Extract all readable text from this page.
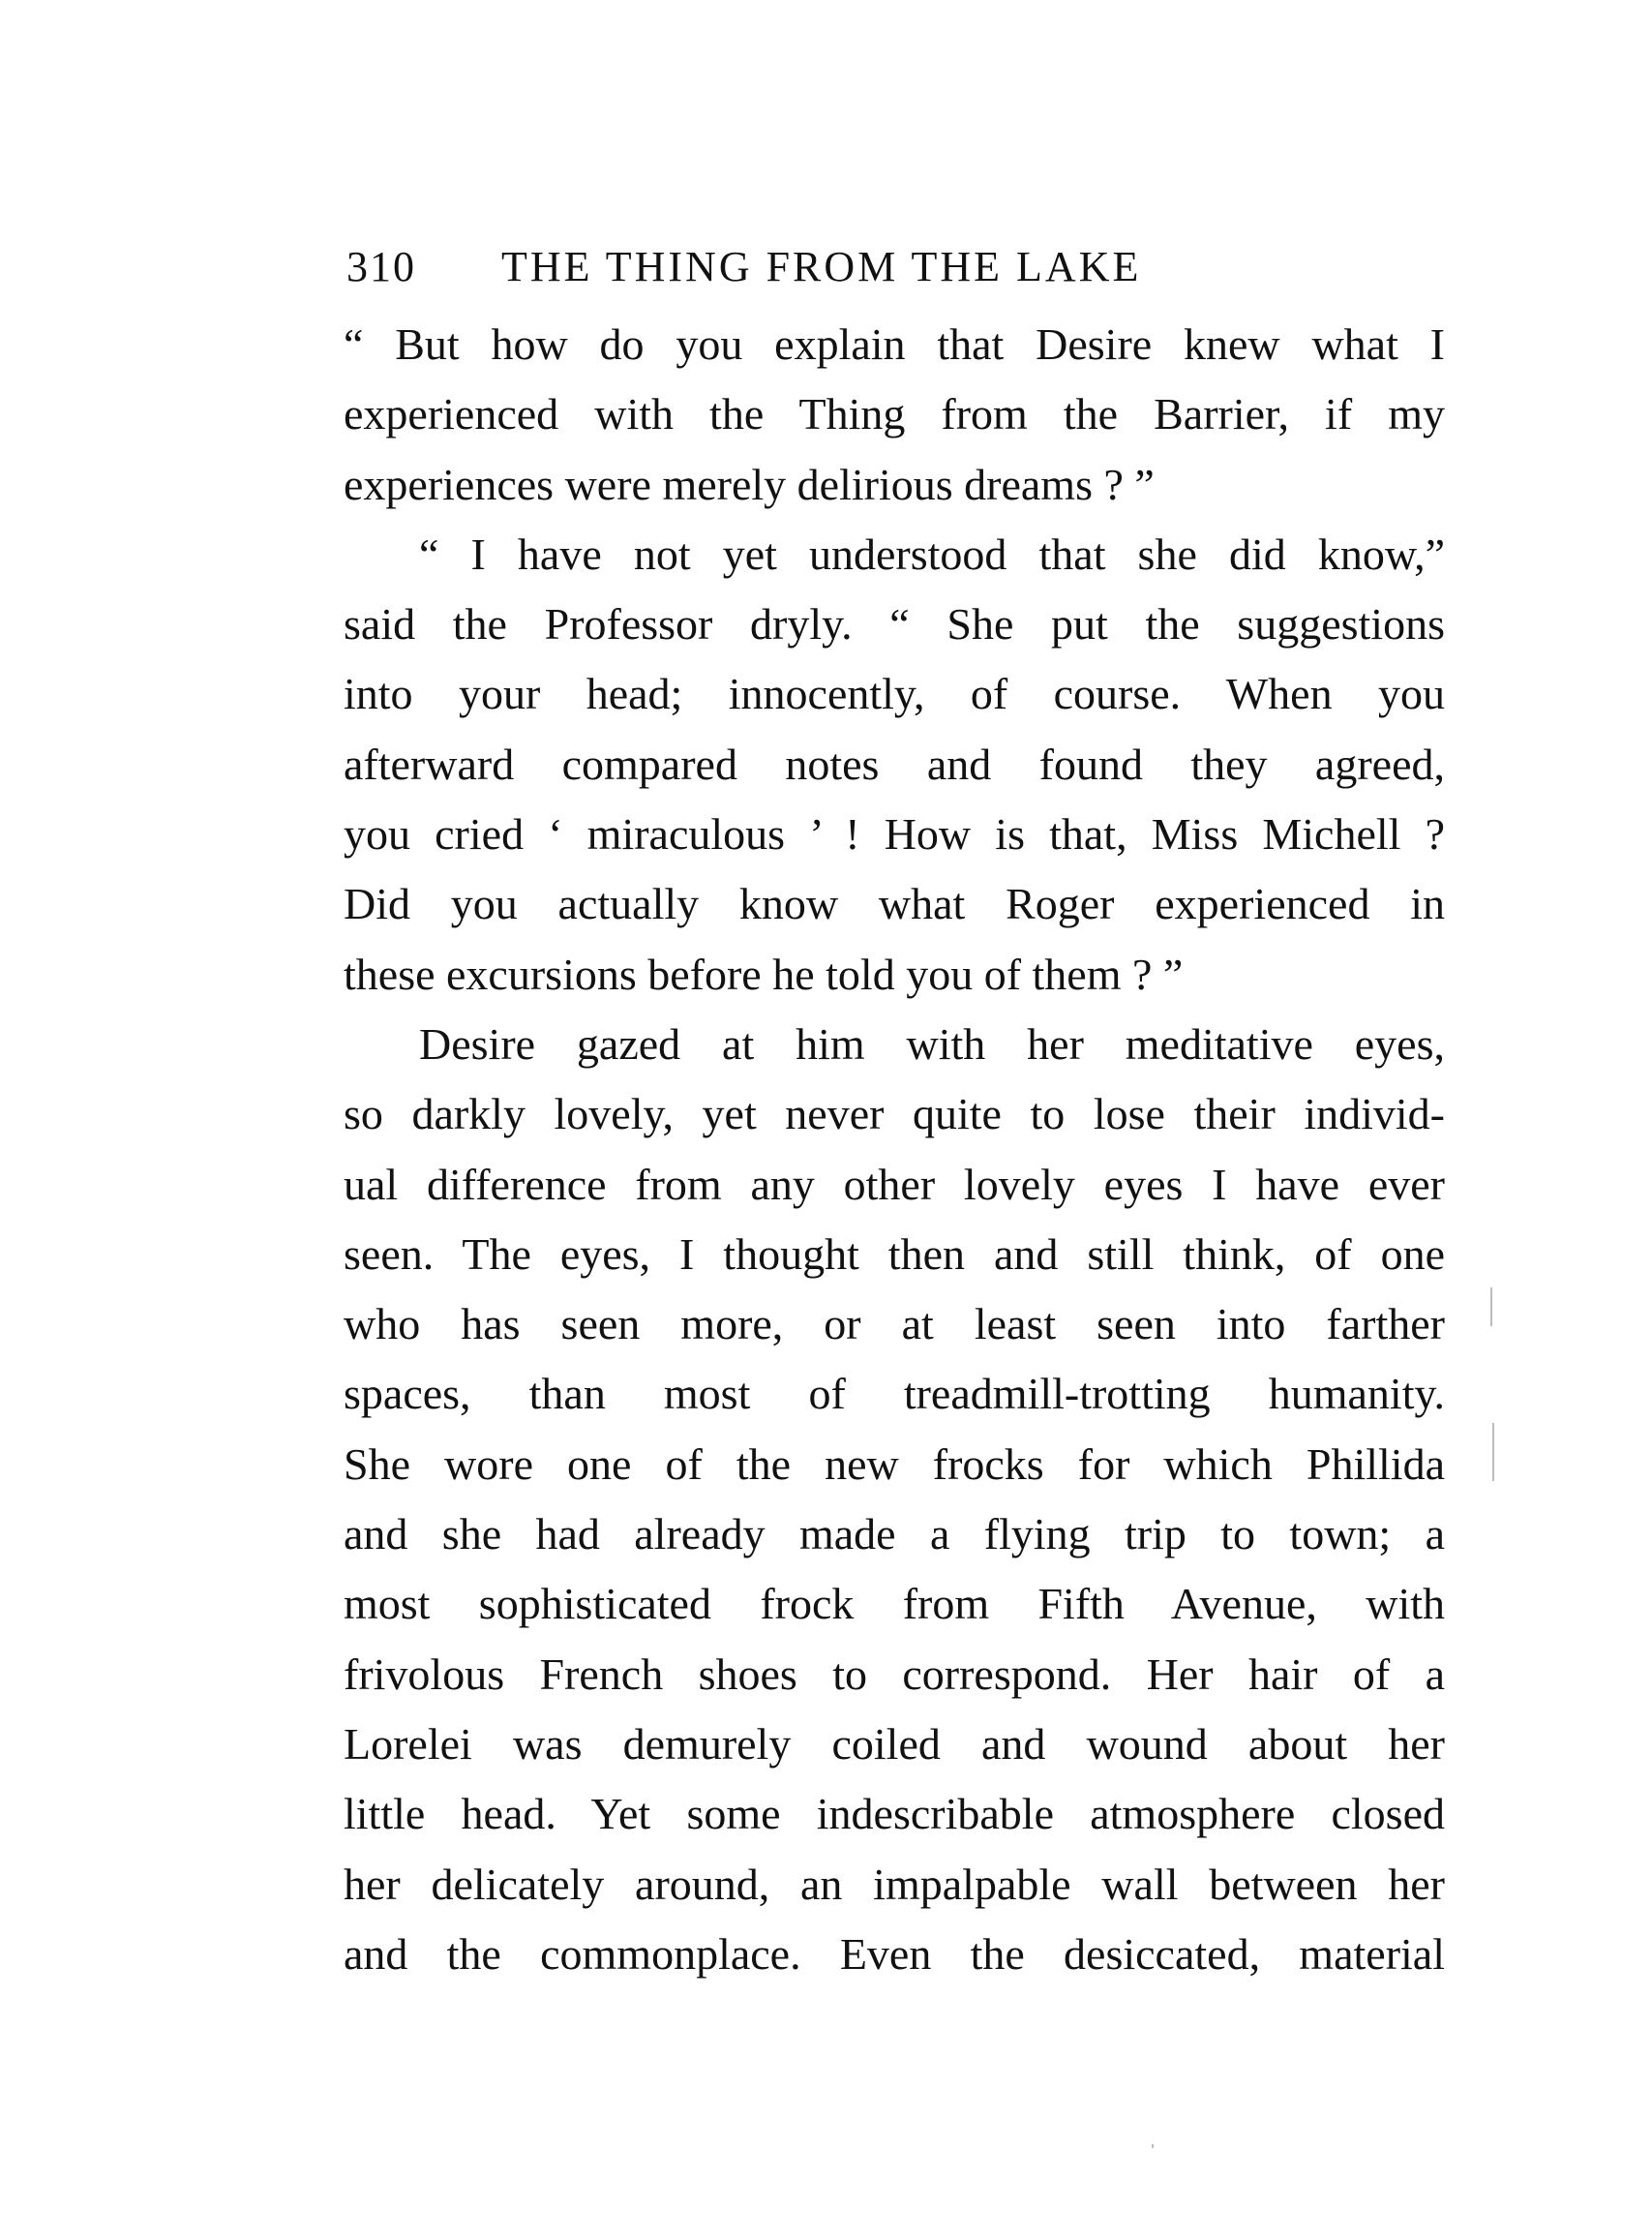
310 THE THING FROM THE LAKE
“ But how do you explain that Desire knew what I
experienced with the Thing from the Barrier, if my
experiences were merely delirious dreams ? ”
“ I have not yet understood that she did know,”
said the Professor dryly. “ She put the suggestions
into your head; innocently, of course. When you
afterward compared notes and found they agreed,
you cried ‘ miraculous ’ ! How is that, Miss Michell ?
Did you actually know what Roger experienced in
these excursions before he told you of them ? ”
Desire gazed at him with her meditative eyes,
so darkly lovely, yet never quite to lose their individ-
ual difference from any other lovely eyes I have ever
seen. The eyes, I thought then and still think, of one
who has seen more, or at least seen into farther
spaces, than most of treadmill-trotting humanity.
She wore one of the new frocks for which Phillida
and she had already made a flying trip to town; a
most sophisticated frock from Fifth Avenue, with
frivolous French shoes to correspond. Her hair of a
Lorelei was demurely coiled and wound about her
little head. Yet some indescribable atmosphere closed
her delicately around, an impalpable wall between her
and the commonplace. Even the desiccated, material
